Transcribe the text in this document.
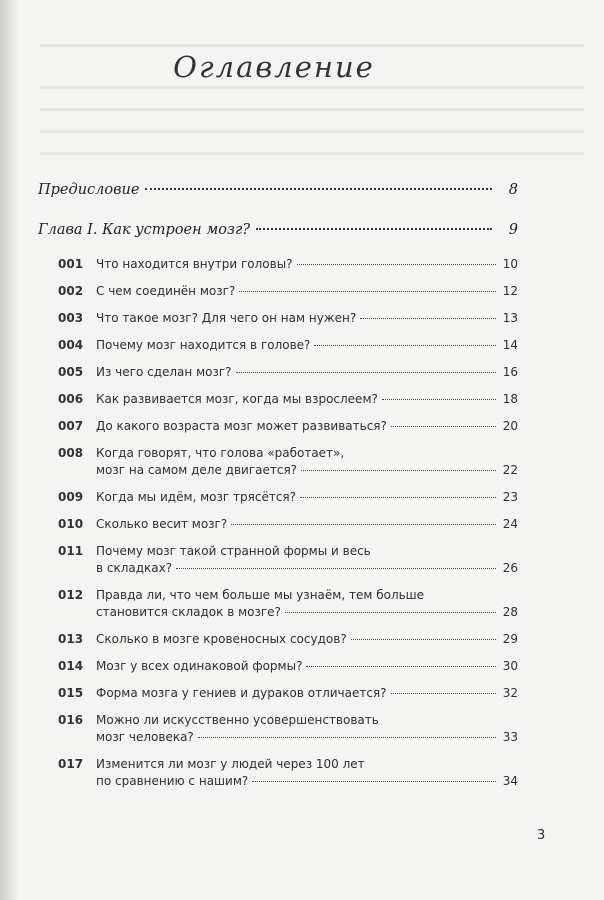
Оглавление
Предисловие	8
Глава I. Как устроен мозг?	9
001	Что находится внутри головы?	10
002	С чем соединён мозг?	12
003	Что такое мозг? Для чего он нам нужен?	13
004	Почему мозг находится в голове?	14
005	Из чего сделан мозг?	16
006	Как развивается мозг, когда мы взрослеем?	18
007	До какого возраста мозг может развиваться?	20
008	Когда говорят, что голова «работает»,
мозг на самом деле двигается?	22
009	Когда мы идём, мозг трясётся?	23
010	Сколько весит мозг?	24
011	Почему мозг такой странной формы и весь
в складках?	26
012	Правда ли, что чем больше мы узнаём, тем больше
становится складок в мозге?	28
013	Сколько в мозге кровеносных сосудов?	29
014	Мозг у всех одинаковой формы?	30
015	Форма мозга у гениев и дураков отличается?	32
016	Можно ли искусственно усовершенствовать
мозг человека?	33
017	Изменится ли мозг у людей через 100 лет
по сравнению с нашим?	34
3
